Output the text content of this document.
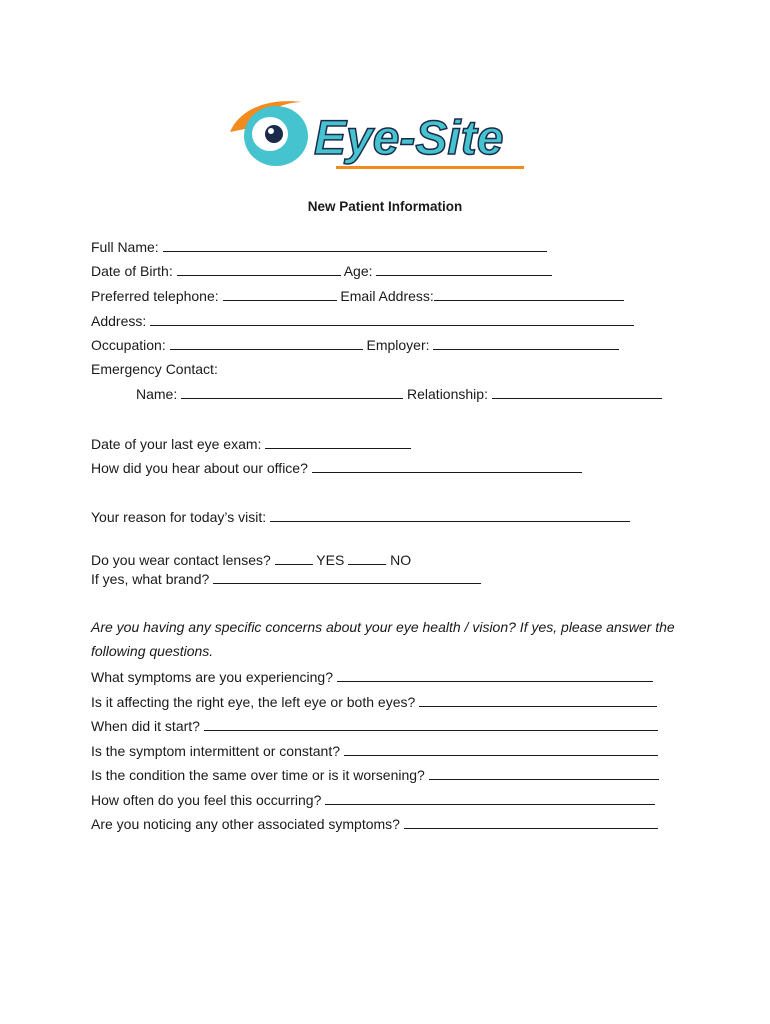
Eye-Site
New Patient Information
Full Name:
Date of Birth:	Age:
Preferred telephone:	Email Address:
Address:
Occupation:	Employer:
Emergency Contact:
Name:	Relationship:
Date of your last eye exam:
How did you hear about our office?
Your reason for today’s visit:
Do you wear contact lenses?	YES	NO
If yes, what brand?
Are you having any specific concerns about your eye health / vision? If yes, please answer the
following questions.
What symptoms are you experiencing?
Is it affecting the right eye, the left eye or both eyes?
When did it start?
Is the symptom intermittent or constant?
Is the condition the same over time or is it worsening?
How often do you feel this occurring?
Are you noticing any other associated symptoms?
